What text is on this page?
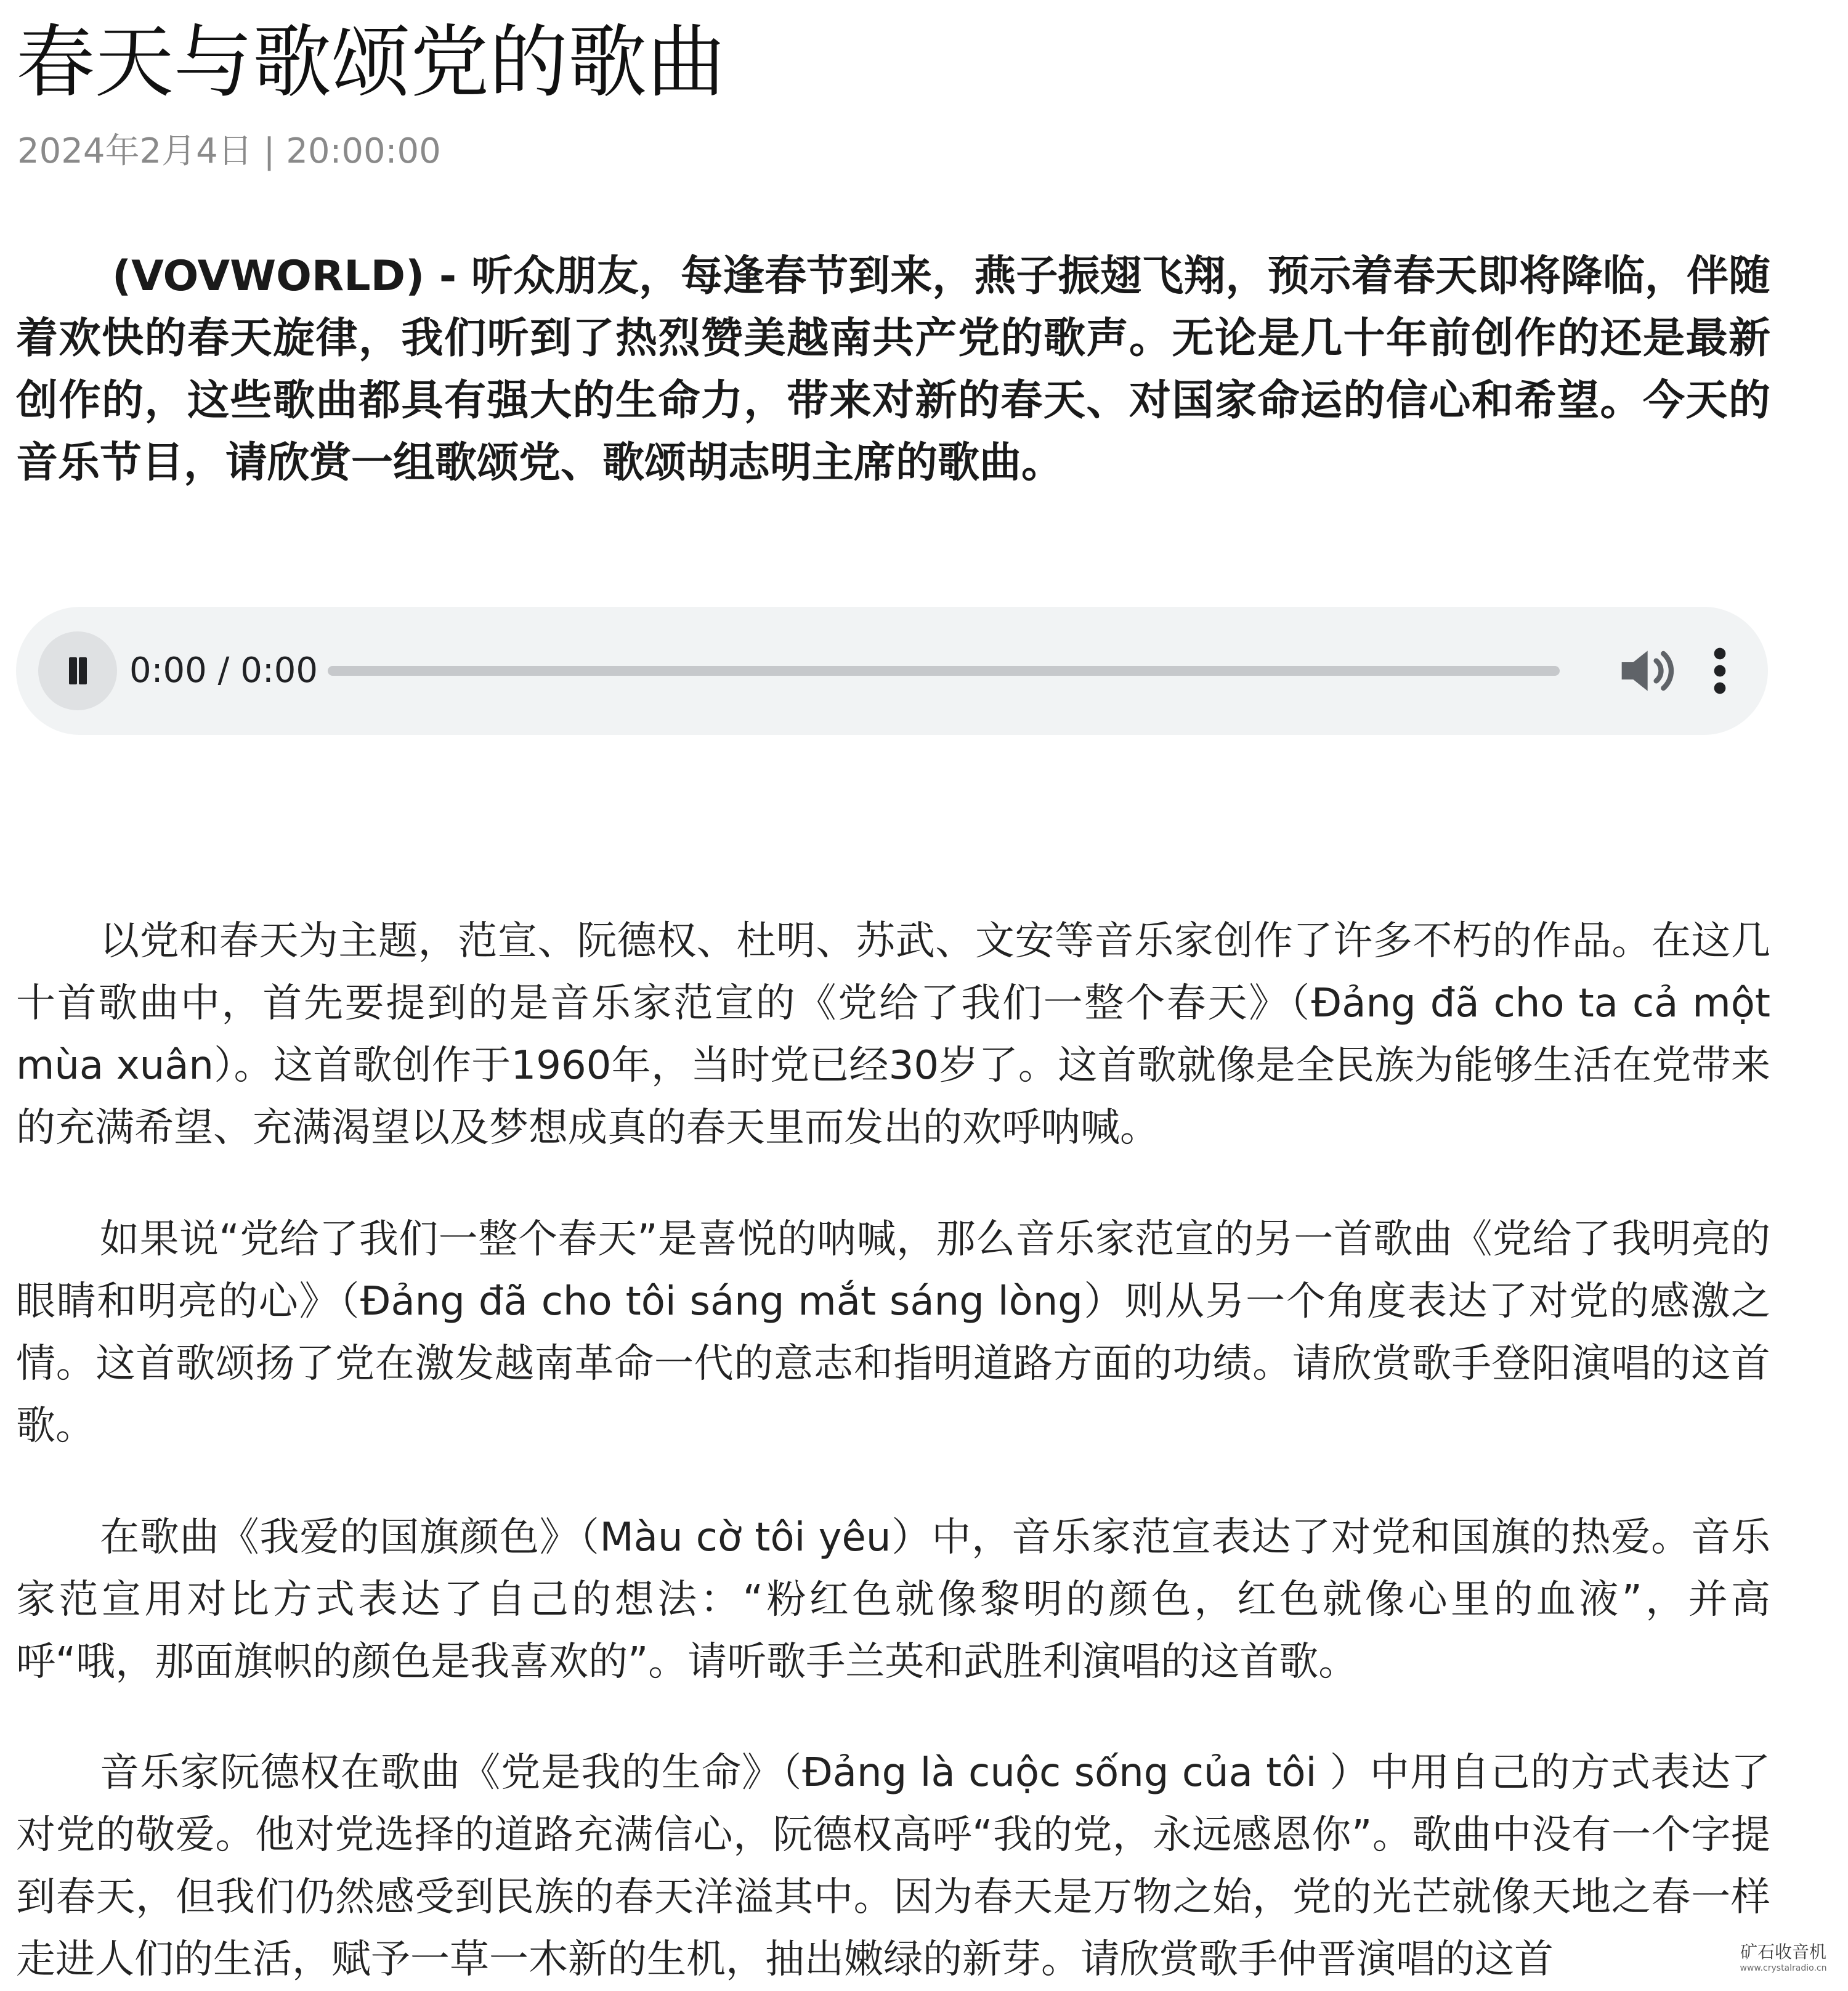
春天与歌颂党的歌曲
2024年2月4日 | 20:00:00

(VOVWORLD) - 听众朋友，每逢春节到来，燕子振翅飞翔，预示着春天即将降临，伴随着欢快的春天旋律，我们听到了热烈赞美越南共产党的歌声。无论是几十年前创作的还是最新创作的，这些歌曲都具有强大的生命力，带来对新的春天、对国家命运的信心和希望。今天的音乐节目，请欣赏一组歌颂党、歌颂胡志明主席的歌曲。

0:00 / 0:00

以党和春天为主题，范宣、阮德权、杜明、苏武、文安等音乐家创作了许多不朽的作品。在这几十首歌曲中，首先要提到的是音乐家范宣的《党给了我们一整个春天》（Đảng đã cho ta cả một mùa xuân）。这首歌创作于1960年，当时党已经30岁了。这首歌就像是全民族为能够生活在党带来的充满希望、充满渴望以及梦想成真的春天里而发出的欢呼呐喊。

如果说“党给了我们一整个春天”是喜悦的呐喊，那么音乐家范宣的另一首歌曲《党给了我明亮的眼睛和明亮的心》（Đảng đã cho tôi sáng mắt sáng lòng）则从另一个角度表达了对党的感激之情。这首歌颂扬了党在激发越南革命一代的意志和指明道路方面的功绩。请欣赏歌手登阳演唱的这首歌。

在歌曲《我爱的国旗颜色》（Màu cờ tôi yêu）中，音乐家范宣表达了对党和国旗的热爱。音乐家范宣用对比方式表达了自己的想法：“粉红色就像黎明的颜色，红色就像心里的血液”，并高呼“哦，那面旗帜的颜色是我喜欢的”。请听歌手兰英和武胜利演唱的这首歌。

音乐家阮德权在歌曲《党是我的生命》（Đảng là cuộc sống của tôi ）中用自己的方式表达了对党的敬爱。他对党选择的道路充满信心，阮德权高呼“我的党，永远感恩你”。歌曲中没有一个字提到春天，但我们仍然感受到民族的春天洋溢其中。因为春天是万物之始，党的光芒就像天地之春一样走进人们的生活，赋予一草一木新的生机，抽出嫩绿的新芽。请欣赏歌手仲晋演唱的这首	矿石收音机
www.crystalradio.cn
